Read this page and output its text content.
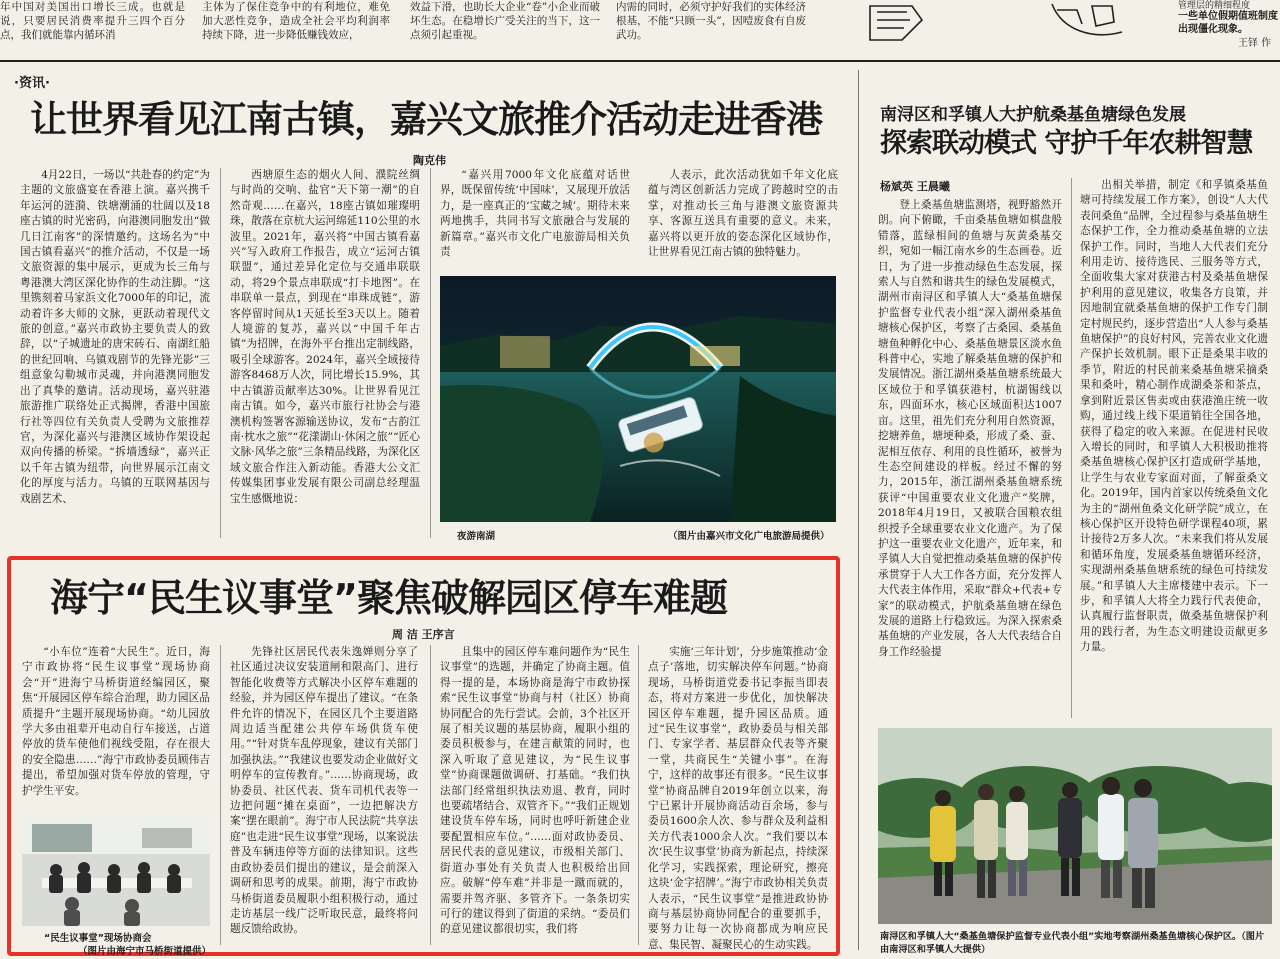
年中国对美国出口增长三成。也就是说，只要居民消费率提升三四个百分点，我们就能靠内循环消
主体为了保住竞争中的有利地位，难免加大恶性竞争，造成全社会平均利润率持续下降，进一步降低赚钱效应，
效益下滑，也助长大企业“卷”小企业而破坏生态。在稳增长广受关注的当下，这一点须引起重视。
内需的同时，必须守护好我们的实体经济根基，不能“只顾一头”，因噎废食有自废武功。
管理层的精细程度
一些单位假期值班制度出现僵化现象。
王铎 作
·资讯·
让世界看见江南古镇，嘉兴文旅推介活动走进香港
陶克伟

4月22日，一场以“共赴春的约定”为主题的文旅盛宴在香港上演。嘉兴携千年运河的涟漪、铁塘潮涌的壮阔以及18座古镇的时光密码，向港澳同胞发出“做几日江南客”的深情邀约。这场名为“中国古镇看嘉兴”的推介活动，不仅是一场文旅资源的集中展示，更成为长三角与粤港澳大湾区深化协作的生动注脚。“这里镌刻着马家浜文化7000年的印记，流动着许多大师的文脉，更跃动着现代文旅的创意。”嘉兴市政协主要负责人的致辞，以“子城遗址的唐宋砖石、南湖红船的世纪回响、乌镇戏剧节的先锋光影”三组意象勾勒城市灵魂，并向港澳同胞发出了真挚的邀请。活动现场，嘉兴驻港旅游推广联络处正式揭牌，香港中国旅行社等四位有关负责人受聘为文旅推荐官，为深化嘉兴与港澳区域协作架设起双向传播的桥梁。“拆墙透绿”，嘉兴正以千年古镇为纽带，向世界展示江南文化的厚度与活力。乌镇的互联网基因与戏剧艺术、

西塘原生态的烟火人间、濮院丝绸与时尚的交响、盐官“天下第一潮”的自然奇观……在嘉兴，18座古镇如璀璨明珠，散落在京杭大运河绵延110公里的水波里。2021年，嘉兴将“中国古镇看嘉兴”写入政府工作报告，成立“运河古镇联盟”，通过差异化定位与交通串联联动，将29个景点串联成“打卡地图”。在串联单一景点，到现在“串珠成链”，游客停留时间从1天延长至3天以上。随着人境游的复苏，嘉兴以“中国千年古镇”为招牌，在海外平台推出定制线路，吸引全球游客。2024年，嘉兴全域接待游客8468万人次，同比增长15.9%，其中古镇游贡献率达30%。让世界看见江南古镇。如今，嘉兴市旅行社协会与港澳机构签署客源输送协议，发布“古韵江南·枕水之旅”“花漾湖山·休闲之旅”“匠心文脉·风华之旅”三条精品线路，为深化区域文旅合作注入新动能。香港大公文汇传媒集团事业发展有限公司副总经理温宝生感慨地说：

“嘉兴用7000年文化底蕴对话世界，既保留传统‘中国味’，又展现开放活力，是一座真正的‘宝藏之城’。期待未来两地携手，共同书写文旅融合与发展的新篇章。”嘉兴市文化广电旅游局相关负责

人表示，此次活动犹如千年文化底蕴与湾区创新活力完成了跨越时空的击掌，对推动长三角与港澳文旅资源共享、客源互送具有重要的意义。未来，嘉兴将以更开放的姿态深化区域协作，让世界看见江南古镇的独特魅力。

夜游南湖	（图片由嘉兴市文化广电旅游局提供）
海宁“民生议事堂”聚焦破解园区停车难题
周 洁 王序言

“小车位”连着“大民生”。近日，海宁市政协将“民生议事堂”现场协商会“开”进海宁马桥街道经编园区，聚焦“开展园区停车综合治理，助力园区品质提升”主题开展现场协商。“幼儿园放学大多由祖辈开电动自行车接送，占道停放的货车使他们视线受阻，存在很大的安全隐患……”海宁市政协委员顾伟吉提出，希望加强对货车停放的管理，守护学生平安。

先锋社区居民代表朱逸婵则分享了社区通过决议安装道闸和限高门、进行智能化收费等方式解决小区停车难题的经验，并为园区停车提出了建议。“在条件允许的情况下，在园区几个主要道路周边适当配建公共停车场供货车使用。”“针对货车乱停现象，建议有关部门加强执法。”“我建议也要发动企业做好文明停车的宣传教育。”……协商现场，政协委员、社区代表、货车司机代表等一边把问题“摊在桌面”，一边把解决方案“摆在眼前”。海宁市人民法院“共享法庭”也走进“民生议事堂”现场，以案说法普及车辆违停等方面的法律知识。这些由政协委员们提出的建议，是会前深入调研和思考的成果。前期，海宁市政协马桥街道委员履职小组积极行动，通过走访基层一线广泛听取民意，最终将问题反馈给政协。

且集中的园区停车难问题作为“民生议事堂”的选题，并确定了协商主题。值得一提的是，本场协商是海宁市政协探索“民生议事堂”协商与村（社区）协商协同配合的先行尝试。会前，3个社区开展了相关议题的基层协商，履职小组的委员积极参与，在建言献策的同时，也深入听取了意见建议，为“民生议事堂”协商课题做调研、打基础。“我们执法部门经常组织执法劝退、教育，同时也要疏堵结合、双管齐下。”“我们正规划建设货车停车场，同时也呼吁新建企业要配置相应车位。”……面对政协委员、居民代表的意见建议，市级相关部门、街道办事处有关负责人也积极给出回应。破解“停车难”并非是一蹴而就的，需要并驾齐驱、多管齐下。一条条切实可行的建议得到了街道的采纳。“委员们的意见建议都很切实，我们将

实施‘三年计划’，分步施策推动‘金点子’落地，切实解决停车问题。”协商现场，马桥街道党委书记李振当即表态，将对方案进一步优化，加快解决园区停车难题，提升园区品质。通过“民生议事堂”，政协委员与相关部门、专家学者、基层群众代表等齐聚一堂，共商民生“关键小事”。在海宁，这样的故事还有很多。“民生议事堂”协商品牌自2019年创立以来，海宁已累计开展协商活动百余场，参与委员1600余人次、参与群众及利益相关方代表1000余人次。“我们要以本次‘民生议事堂’协商为新起点，持续深化学习，实践探索，理论研究，擦亮这块‘金字招牌’。”海宁市政协相关负责人表示，“民生议事堂”是推进政协协商与基层协商协同配合的重要抓手，要努力让每一次协商都成为响应民意、集民智、凝聚民心的生动实践。

“民生议事堂”现场协商会
（图片由海宁市马桥街道提供）
南浔区和孚镇人大护航桑基鱼塘绿色发展
探索联动模式 守护千年农耕智慧
杨斌英 王晨曦

登上桑基鱼塘监测塔，视野豁然开朗。向下俯瞰，千亩桑基鱼塘如棋盘般错落，蓝绿相间的鱼塘与灰黄桑基交织，宛如一幅江南水乡的生态画卷。近日，为了进一步推动绿色生态发展，探索人与自然和谐共生的绿色发展模式，湖州市南浔区和孚镇人大“桑基鱼塘保护监督专业代表小组”深入湖州桑基鱼塘核心保护区，考察了古桑园、桑基鱼塘鱼种孵化中心、桑基鱼塘景区淡水鱼科普中心，实地了解桑基鱼塘的保护和发展情况。浙江湖州桑基鱼塘系统最大区域位于和孚镇获港村，杭湖锡线以东，四面环水，核心区域面积达1007亩。这里，祖先们充分利用自然资源，挖塘养鱼，塘埂种桑，形成了桑、蚕、泥相互依存、利用的良性循环，被誉为生态空间建设的样板。经过不懈的努力，2015年，浙江湖州桑基鱼塘系统获评“中国重要农业文化遗产”奖牌，2018年4月19日，又被联合国粮农组织授予全球重要农业文化遗产。为了保护这一重要农业文化遗产，近年来，和孚镇人大自觉把推动桑基鱼塘的保护传承贯穿于人大工作各方面，充分发挥人大代表主体作用，采取“群众+代表+专家”的联动模式，护航桑基鱼塘在绿色发展的道路上行稳致远。为深入探索桑基鱼塘的产业发展，各人大代表结合自身工作经验提

出相关举措，制定《和孚镇桑基鱼塘可持续发展工作方案》，创设“人大代表问桑鱼”品牌，全过程参与桑基鱼塘生态保护工作，全力推动桑基鱼塘的立法保护工作。同时，当地人大代表们充分利用走访、接待选民、三服务等方式，全面收集大家对获港古村及桑基鱼塘保护利用的意见建议，收集各方良策，并因地制宜就桑基鱼塘的保护工作专门制定村规民约，逐步营造出“人人参与桑基鱼塘保护”的良好村风，完善农业文化遗产保护长效机制。眼下正是桑果丰收的季节，附近的村民前来桑基鱼塘采摘桑果和桑叶，精心制作成湖桑茶和茶点，拿到附近景区售卖或由获港渔庄统一收购，通过线上线下渠道销往全国各地，获得了稳定的收入来源。在促进村民收入增长的同时，和孚镇人大积极助推将桑基鱼塘核心保护区打造成研学基地，让学生与农业专家面对面，了解蚕桑文化。2019年，国内首家以传统桑鱼文化为主的“湖州鱼桑文化研学院”成立，在核心保护区开设特色研学课程40项，累计接待2万多人次。“未来我们将从发展和循环角度，发展桑基鱼塘循环经济，实现湖州桑基鱼塘系统的绿色可持续发展。”和孚镇人大主席楼建中表示。下一步，和孚镇人大将全力践行代表使命，认真履行监督职责，做桑基鱼塘保护利用的践行者，为生态文明建设贡献更多力量。

南浔区和孚镇人大“桑基鱼塘保护监督专业代表小组”实地考察湖州桑基鱼塘核心保护区。（图片由南浔区和孚镇人大提供）
